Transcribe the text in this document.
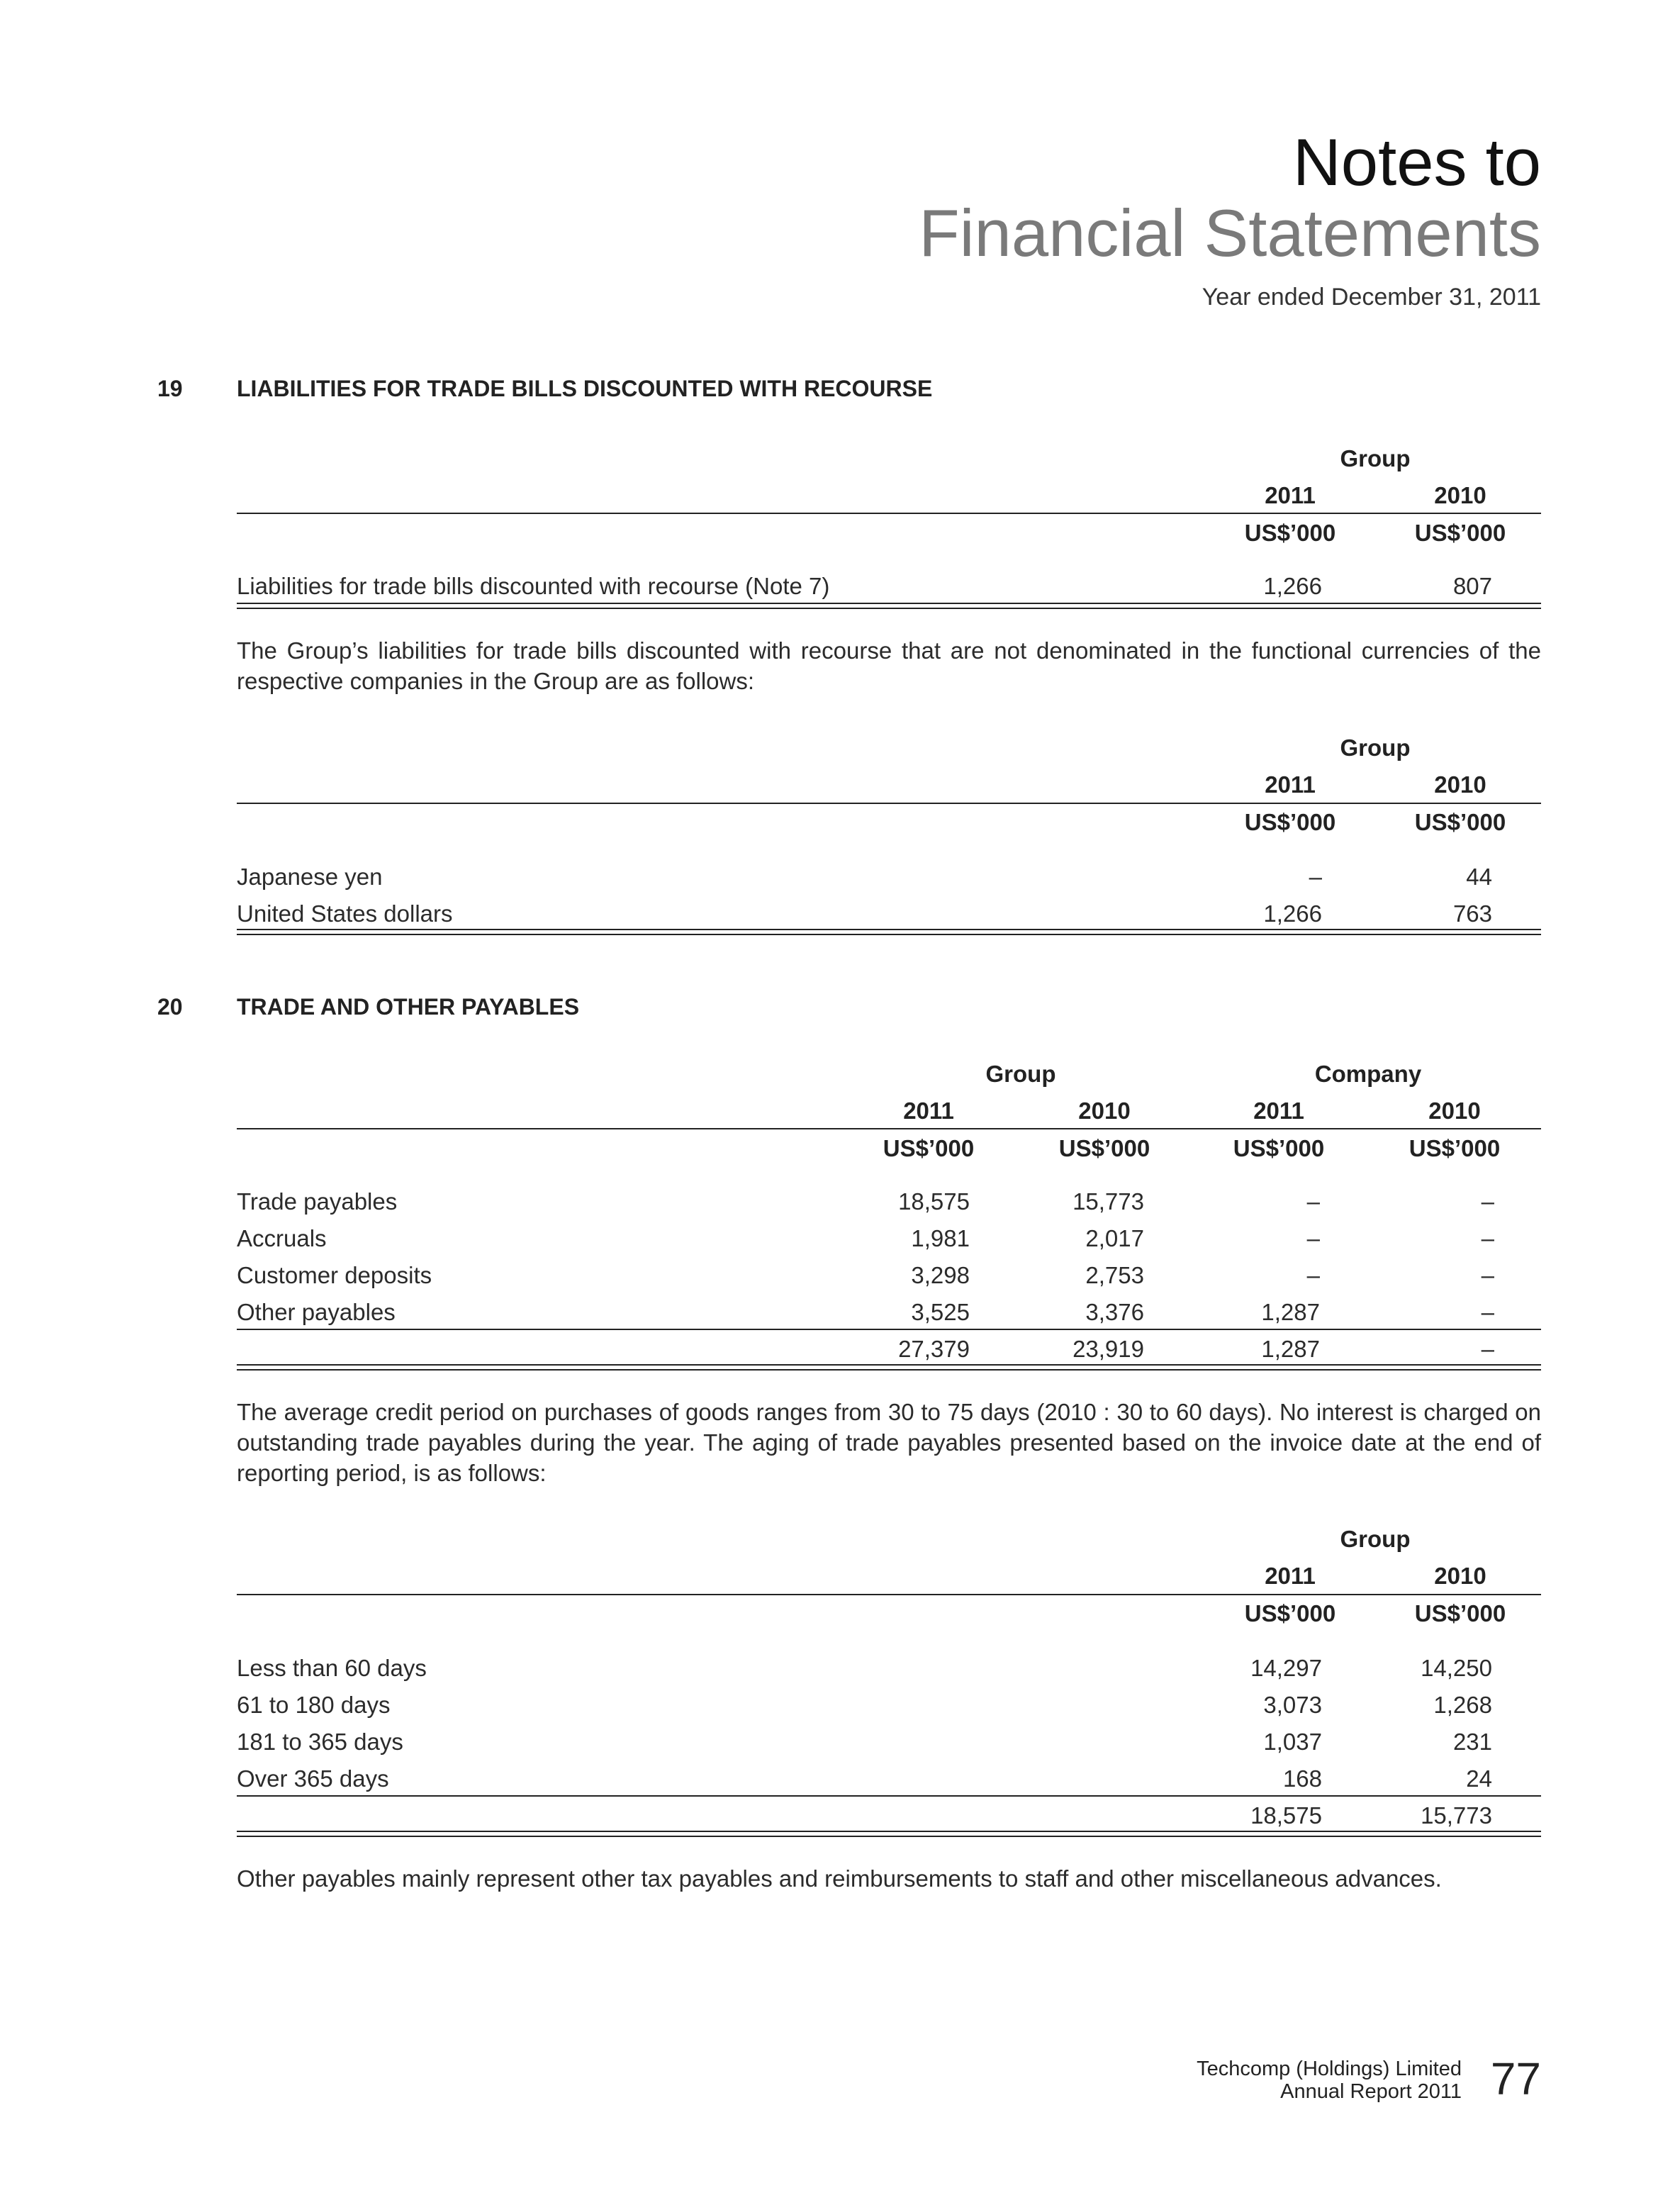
Notes to
Financial Statements
Year ended December 31, 2011
19 LIABILITIES FOR TRADE BILLS DISCOUNTED WITH RECOURSE
Group
2011	2010
US$’000	US$’000
Liabilities for trade bills discounted with recourse (Note 7)	1,266	807
The Group’s liabilities for trade bills discounted with recourse that are not denominated in the functional currencies of the respective companies in the Group are as follows:
Group
2011	2010
US$’000	US$’000
Japanese yen	–	44
United States dollars	1,266	763
20 TRADE AND OTHER PAYABLES
Group	Company
2011	2010	2011	2010
US$’000	US$’000	US$’000	US$’000
Trade payables	18,575	15,773	–	–
Accruals	1,981	2,017	–	–
Customer deposits	3,298	2,753	–	–
Other payables	3,525	3,376	1,287	–
27,379	23,919	1,287	–
The average credit period on purchases of goods ranges from 30 to 75 days (2010 : 30 to 60 days). No interest is charged on outstanding trade payables during the year. The aging of trade payables presented based on the invoice date at the end of reporting period, is as follows:
Group
2011	2010
US$’000	US$’000
Less than 60 days	14,297	14,250
61 to 180 days	3,073	1,268
181 to 365 days	1,037	231
Over 365 days	168	24
18,575	15,773
Other payables mainly represent other tax payables and reimbursements to staff and other miscellaneous advances.
Techcomp (Holdings) Limited
Annual Report 2011 77
